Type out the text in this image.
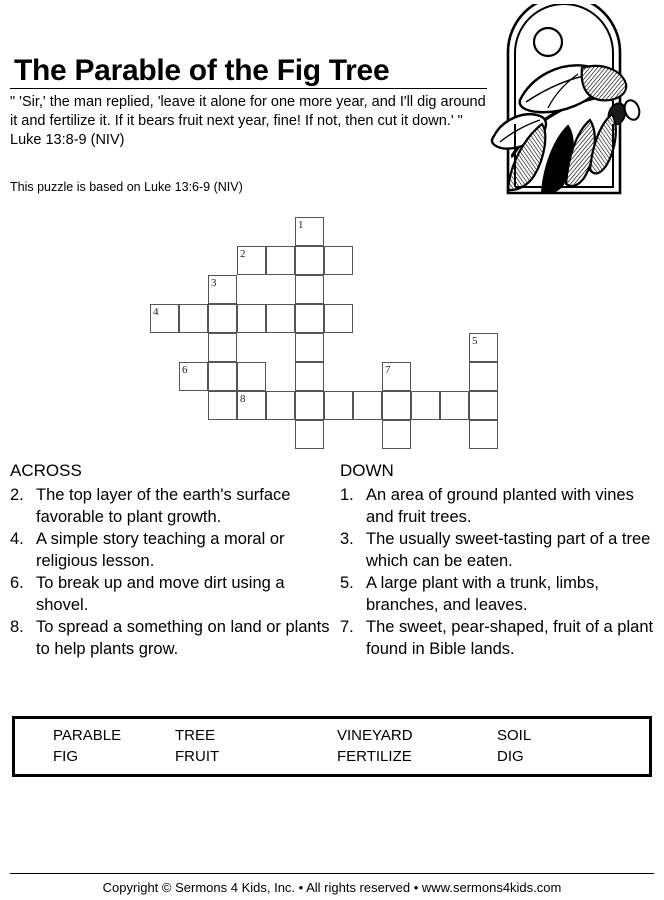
The Parable of the Fig Tree
" 'Sir,' the man replied, 'leave it alone for one more year, and I'll dig around it and fertilize it. If it bears fruit next year, fine! If not, then cut it down.' "
Luke 13:8-9 (NIV)
This puzzle is based on Luke 13:6-9 (NIV)
1
2
3
4
5
6	7
8
ACROSS
2. The top layer of the earth's surface favorable to plant growth.
4. A simple story teaching a moral or religious lesson.
6. To break up and move dirt using a shovel.
8. To spread a something on land or plants to help plants grow.
DOWN
1. An area of ground planted with vines and fruit trees.
3. The usually sweet-tasting part of a tree which can be eaten.
5. A large plant with a trunk, limbs, branches, and leaves.
7. The sweet, pear-shaped, fruit of a plant found in Bible lands.
PARABLE	TREE	VINEYARD	SOIL
FIG	FRUIT	FERTILIZE	DIG
Copyright © Sermons 4 Kids, Inc. • All rights reserved • www.sermons4kids.com
